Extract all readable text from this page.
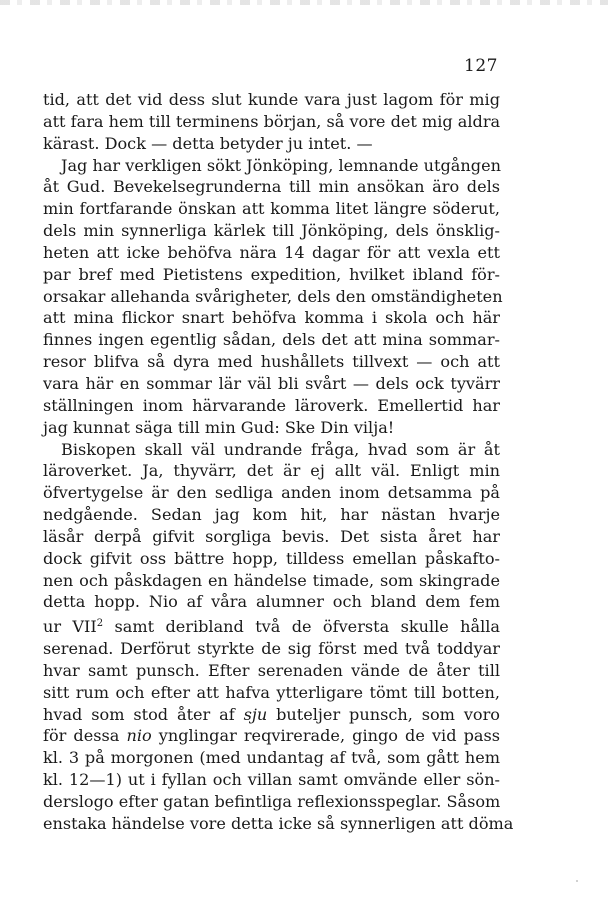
127
tid, att det vid dess slut kunde vara just lagom för mig
att fara hem till terminens början, så vore det mig aldra
kärast. Dock — detta betyder ju intet. —
Jag har verkligen sökt Jönköping, lemnande utgången
åt Gud. Bevekelsegrunderna till min ansökan äro dels
min fortfarande önskan att komma litet längre söderut,
dels min synnerliga kärlek till Jönköping, dels önsklig-
heten att icke behöfva nära 14 dagar för att vexla ett
par bref med Pietistens expedition, hvilket ibland för-
orsakar allehanda svårigheter, dels den omständigheten
att mina flickor snart behöfva komma i skola och här
finnes ingen egentlig sådan, dels det att mina sommar-
resor blifva så dyra med hushållets tillvext — och att
vara här en sommar lär väl bli svårt — dels ock tyvärr
ställningen inom härvarande läroverk. Emellertid har
jag kunnat säga till min Gud: Ske Din vilja!
Biskopen skall väl undrande fråga, hvad som är åt
läroverket. Ja, thyvärr, det är ej allt väl. Enligt min
öfvertygelse är den sedliga anden inom detsamma på
nedgående. Sedan jag kom hit, har nästan hvarje
läsår derpå gifvit sorgliga bevis. Det sista året har
dock gifvit oss bättre hopp, tilldess emellan påskafto-
nen och påskdagen en händelse timade, som skingrade
detta hopp. Nio af våra alumner och bland dem fem
ur VII$^2$ samt deribland två de öfversta skulle hålla
serenad. Derförut styrkte de sig först med två toddyar
hvar samt punsch. Efter serenaden vände de åter till
sitt rum och efter att hafva ytterligare tömt till botten,
hvad som stod åter af sju buteljer punsch, som voro
för dessa nio ynglingar reqvirerade, gingo de vid pass
kl. 3 på morgonen (med undantag af två, som gått hem
kl. 12—1) ut i fyllan och villan samt omvände eller sön-
derslogo efter gatan befintliga reflexionsspeglar. Såsom
enstaka händelse vore detta icke så synnerligen att döma
